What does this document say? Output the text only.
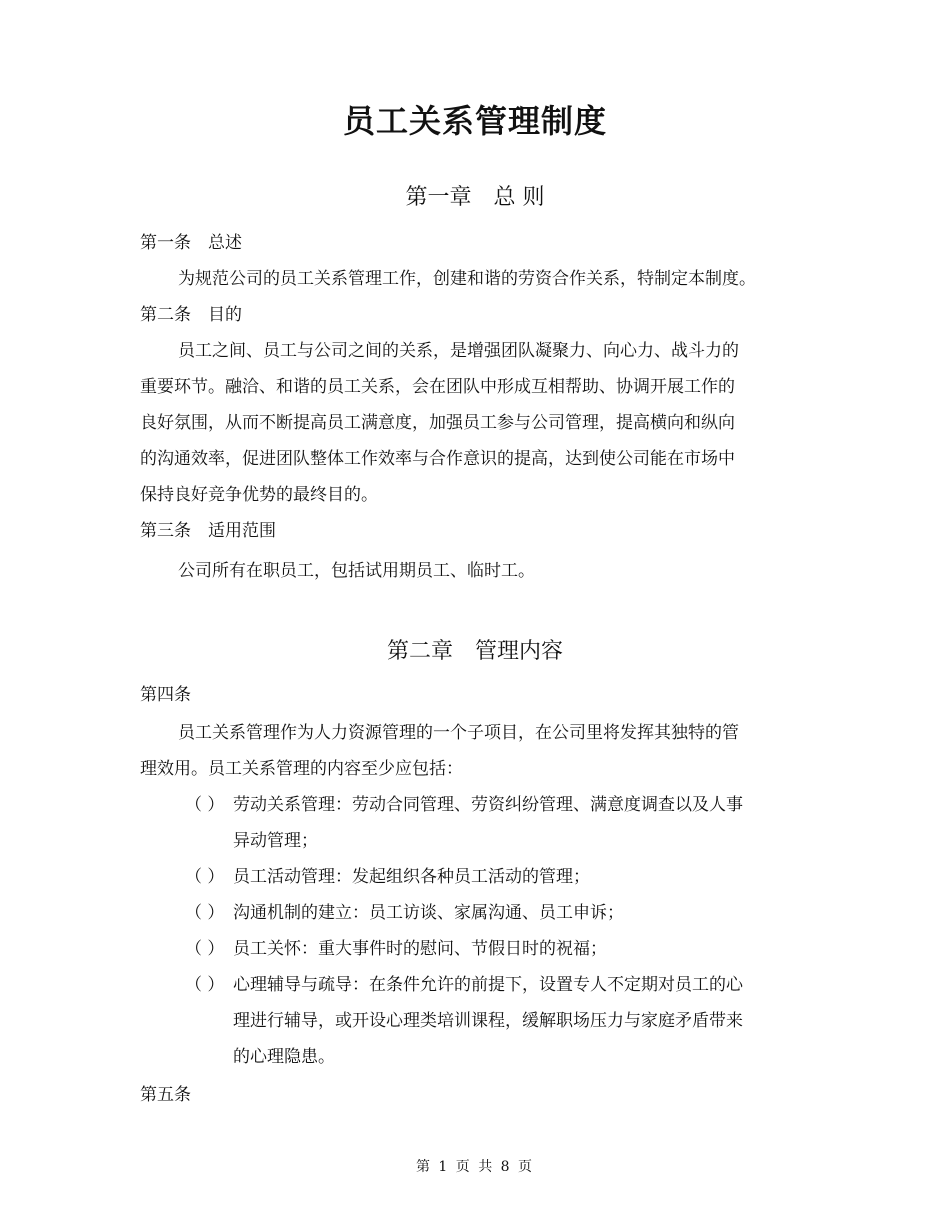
员工关系管理制度
第一章　总 则
第一条　总述
为规范公司的员工关系管理工作，创建和谐的劳资合作关系，特制定本制度。
第二条　目的
员工之间、员工与公司之间的关系，是增强团队凝聚力、向心力、战斗力的
重要环节。融洽、和谐的员工关系，会在团队中形成互相帮助、协调开展工作的
良好氛围，从而不断提高员工满意度，加强员工参与公司管理，提高横向和纵向
的沟通效率，促进团队整体工作效率与合作意识的提高，达到使公司能在市场中
保持良好竞争优势的最终目的。
第三条　适用范围
公司所有在职员工，包括试用期员工、临时工。
第二章　管理内容
第四条
员工关系管理作为人力资源管理的一个子项目，在公司里将发挥其独特的管
理效用。员工关系管理的内容至少应包括：
（ ） 劳动关系管理：劳动合同管理、劳资纠纷管理、满意度调查以及人事
异动管理；
（ ） 员工活动管理：发起组织各种员工活动的管理；
（ ） 沟通机制的建立：员工访谈、家属沟通、员工申诉；
（ ） 员工关怀：重大事件时的慰问、节假日时的祝福；
（ ） 心理辅导与疏导：在条件允许的前提下，设置专人不定期对员工的心
理进行辅导，或开设心理类培训课程，缓解职场压力与家庭矛盾带来
的心理隐患。
第五条
第 1 页 共 8 页
